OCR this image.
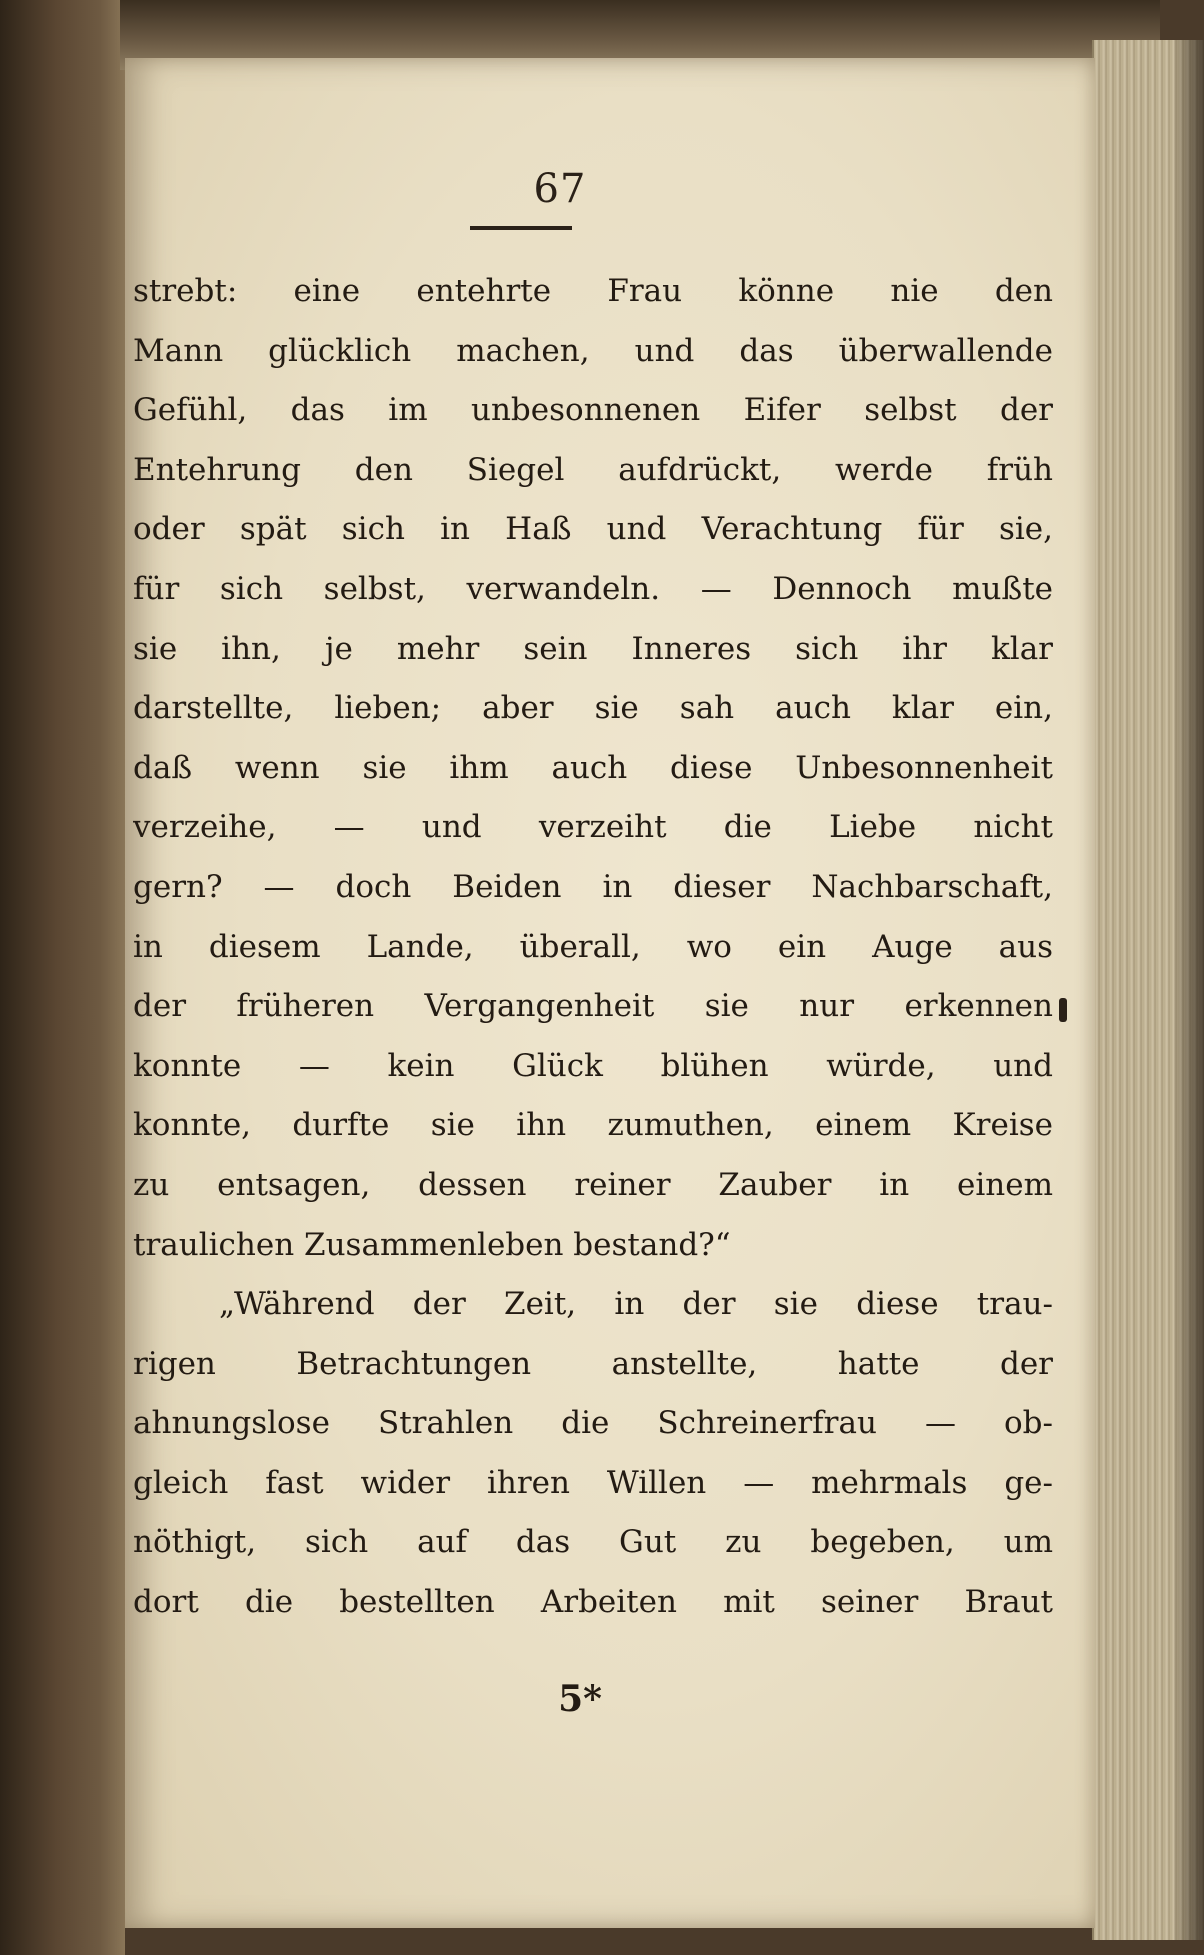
67
strebt: eine entehrte Frau könne nie den
Mann glücklich machen, und das überwallende
Gefühl, das im unbesonnenen Eifer selbst der
Entehrung den Siegel aufdrückt, werde früh
oder spät sich in Haß und Verachtung für sie,
für sich selbst, verwandeln. — Dennoch mußte
sie ihn, je mehr sein Inneres sich ihr klar
darstellte, lieben; aber sie sah auch klar ein,
daß wenn sie ihm auch diese Unbesonnenheit
verzeihe, — und verzeiht die Liebe nicht
gern? — doch Beiden in dieser Nachbarschaft,
in diesem Lande, überall, wo ein Auge aus
der früheren Vergangenheit sie nur erkennen
konnte — kein Glück blühen würde, und
konnte, durfte sie ihn zumuthen, einem Kreise
zu entsagen, dessen reiner Zauber in einem
traulichen Zusammenleben bestand?“
„Während der Zeit, in der sie diese trau-
rigen Betrachtungen anstellte, hatte der
ahnungslose Strahlen die Schreinerfrau — ob-
gleich fast wider ihren Willen — mehrmals ge-
nöthigt, sich auf das Gut zu begeben, um
dort die bestellten Arbeiten mit seiner Braut
5*
